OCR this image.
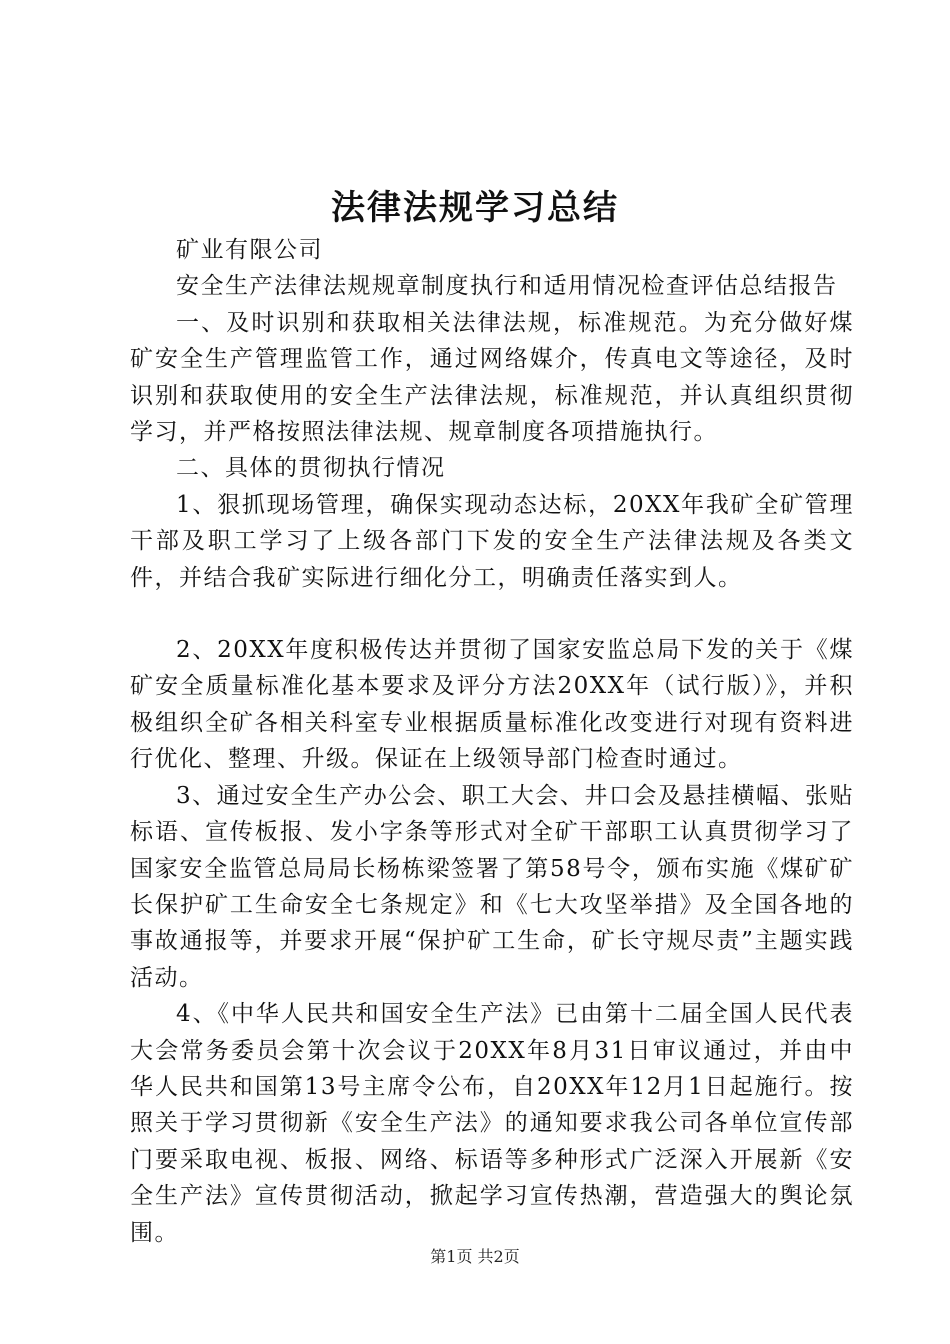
法律法规学习总结

矿业有限公司

安全生产法律法规规章制度执行和适用情况检查评估总结报告

一、及时识别和获取相关法律法规，标准规范。为充分做好煤矿安全生产管理监管工作，通过网络媒介，传真电文等途径，及时识别和获取使用的安全生产法律法规，标准规范，并认真组织贯彻学习，并严格按照法律法规、规章制度各项措施执行。

二、具体的贯彻执行情况

1、狠抓现场管理，确保实现动态达标，20XX年我矿全矿管理干部及职工学习了上级各部门下发的安全生产法律法规及各类文件，并结合我矿实际进行细化分工，明确责任落实到人。

2、20XX年度积极传达并贯彻了国家安监总局下发的关于《煤矿安全质量标准化基本要求及评分方法20XX年（试行版）》，并积极组织全矿各相关科室专业根据质量标准化改变进行对现有资料进行优化、整理、升级。保证在上级领导部门检查时通过。

3、通过安全生产办公会、职工大会、井口会及悬挂横幅、张贴标语、宣传板报、发小字条等形式对全矿干部职工认真贯彻学习了国家安全监管总局局长杨栋梁签署了第58号令，颁布实施《煤矿矿长保护矿工生命安全七条规定》和《七大攻坚举措》及全国各地的事故通报等，并要求开展“保护矿工生命，矿长守规尽责”主题实践活动。

4、《中华人民共和国安全生产法》已由第十二届全国人民代表大会常务委员会第十次会议于20XX年8月31日审议通过，并由中华人民共和国第13号主席令公布，自20XX年12月1日起施行。按照关于学习贯彻新《安全生产法》的通知要求我公司各单位宣传部门要采取电视、板报、网络、标语等多种形式广泛深入开展新《安全生产法》宣传贯彻活动，掀起学习宣传热潮，营造强大的舆论氛围。

第1页 共2页
